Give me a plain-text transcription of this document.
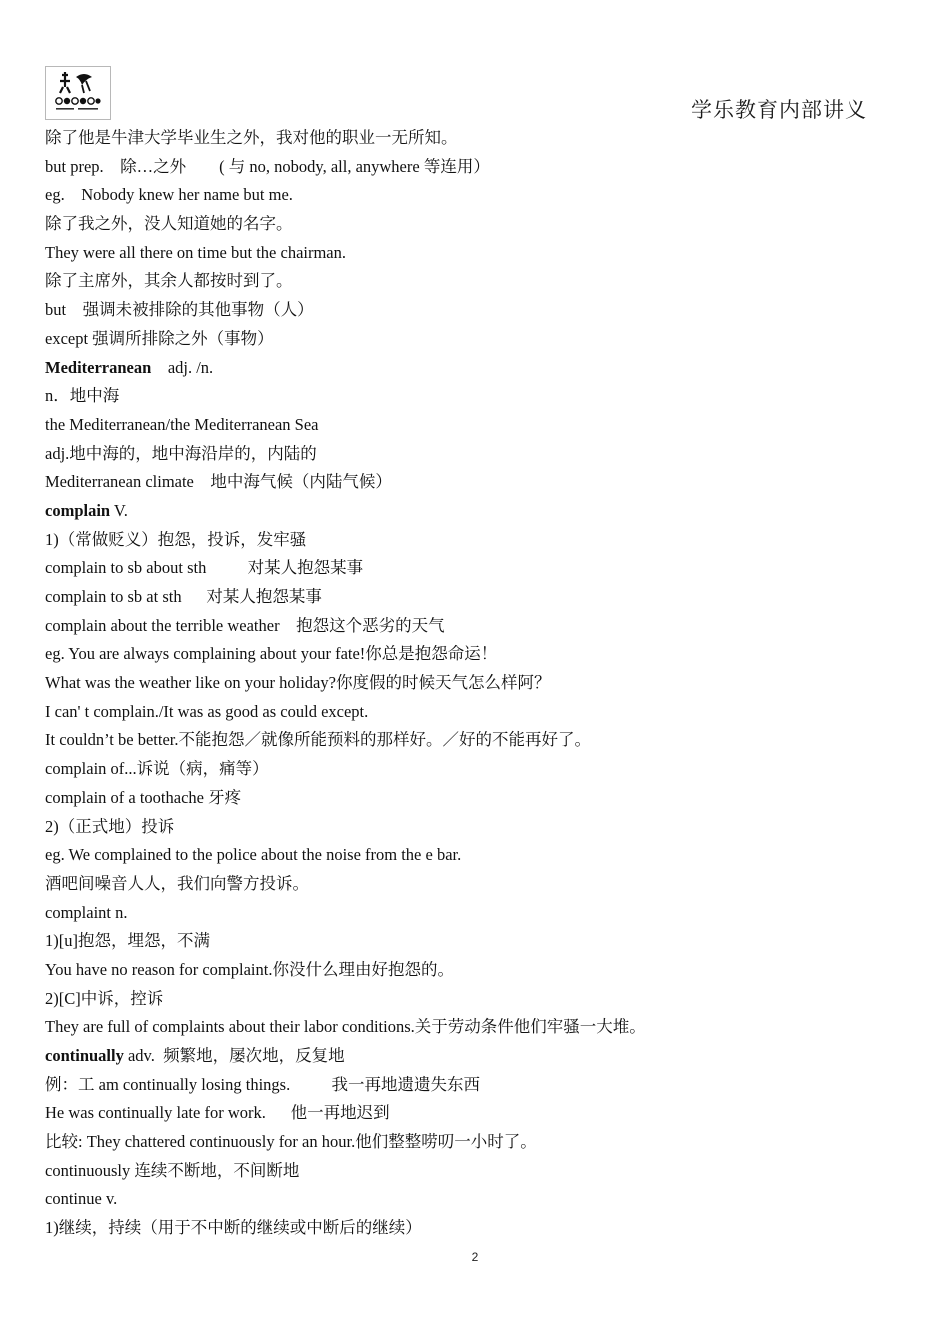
学乐教育内部讲义
除了他是牛津大学毕业生之外，我对他的职业一无所知。
but prep.    除…之外        ( 与 no, nobody, all, anywhere 等连用）
eg.    Nobody knew her name but me.
除了我之外，没人知道她的名字。
They were all there on time but the chairman.
除了主席外，其余人都按时到了。
but    强调未被排除的其他事物（人）
except 强调所排除之外（事物）
Mediterranean    adj. /n.
n．地中海
the Mediterranean/the Mediterranean Sea
adj.地中海的，地中海沿岸的，内陆的
Mediterranean climate    地中海气候（内陆气候）
complain V.
1)（常做贬义）抱怨，投诉，发牢骚
complain to sb about sth          对某人抱怨某事
complain to sb at sth      对某人抱怨某事
complain about the terrible weather    抱怨这个恶劣的天气
eg. You are always complaining about your fate!你总是抱怨命运！
What was the weather like on your holiday?你度假的时候天气怎么样阿？
I can' t complain./It was as good as could except.
It couldn’t be better.不能抱怨／就像所能预料的那样好。／好的不能再好了。
complain of...诉说（病，痛等）
complain of a toothache 牙疼
2)（正式地）投诉
eg. We complained to the police about the noise from the e bar.
酒吧间噪音人人，我们向警方投诉。
complaint n.
1)[u]抱怨，埋怨，不满
You have no reason for complaint.你没什么理由好抱怨的。
2)[C]中诉，控诉
They are full of complaints about their labor conditions.关于劳动条件他们牢骚一大堆。
continually adv.  频繁地，屡次地，反复地
例：工 am continually losing things.          我一再地遗遗失东西
He was continually late for work.      他一再地迟到
比较: They chattered continuously for an hour.他们整整唠叨一小时了。
continuously 连续不断地，不间断地
continue v.
1)继续，持续（用于不中断的继续或中断后的继续）
2
